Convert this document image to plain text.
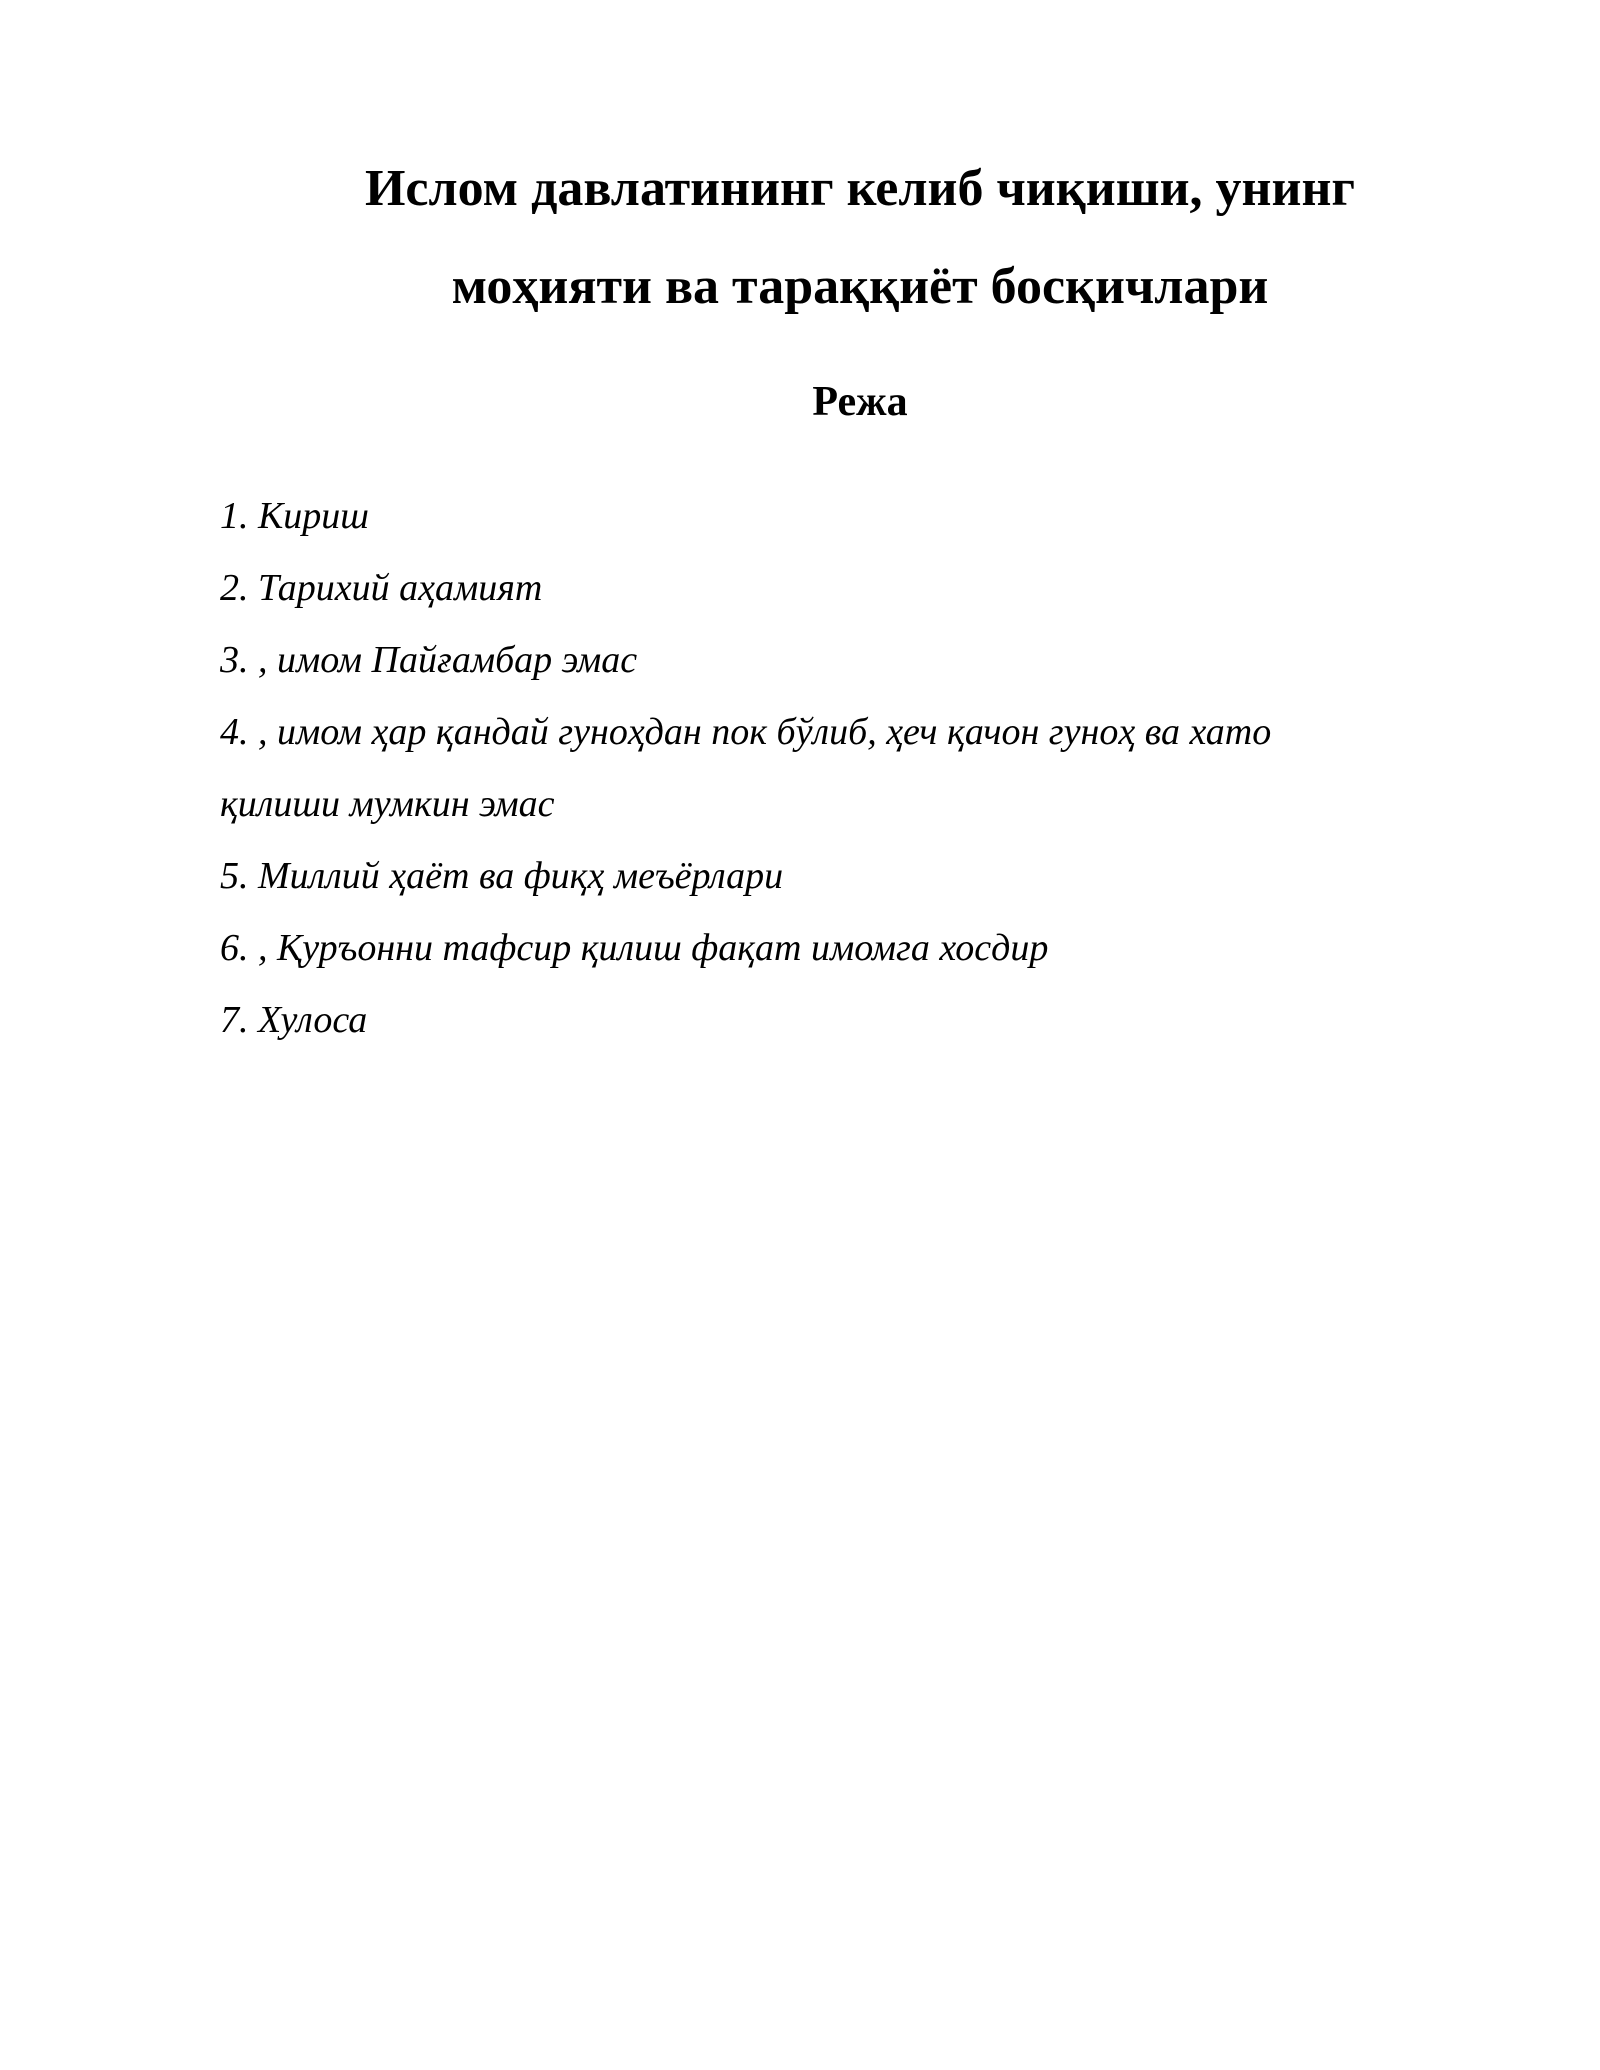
Ислом давлатининг келиб чиқиши, унинг
моҳияти ва тараққиёт босқичлари
Режа
1. Кириш
2. Тарихий аҳамият
3. , имом Пайғамбар эмас
4. , имом ҳар қандай гуноҳдан пок бўлиб, ҳеч қачон гуноҳ ва хато қилиши мумкин эмас
5. Миллий ҳаёт ва фиқҳ меъёрлари
6. , Қуръонни тафсир қилиш фақат имомга хосдир
7. Хулоса
